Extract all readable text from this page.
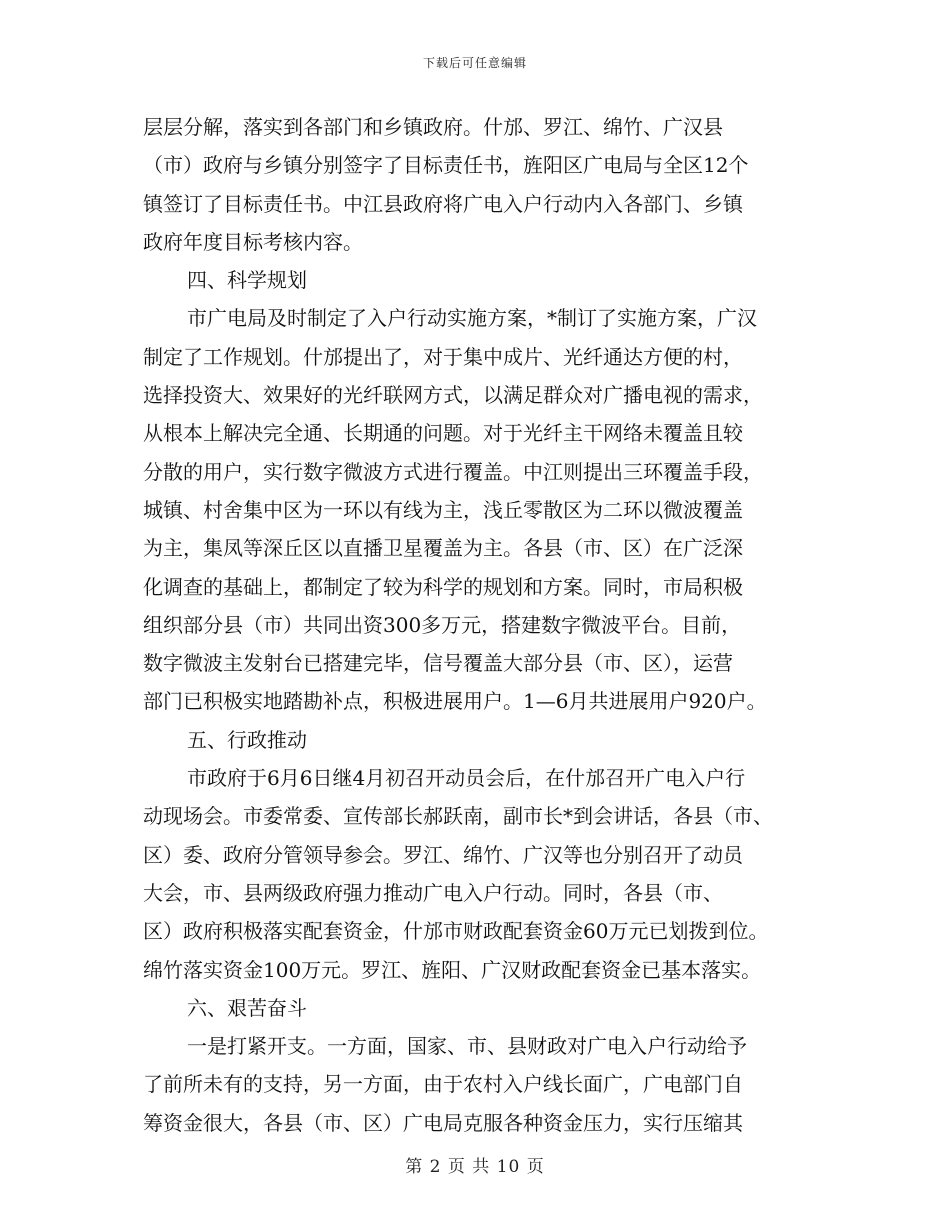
下载后可任意编辑
层层分解，落实到各部门和乡镇政府。什邡、罗江、绵竹、广汉县
（市）政府与乡镇分别签字了目标责任书，旌阳区广电局与全区12个
镇签订了目标责任书。中江县政府将广电入户行动内入各部门、乡镇
政府年度目标考核内容。
四、科学规划
市广电局及时制定了入户行动实施方案，*制订了实施方案，广汉
制定了工作规划。什邡提出了，对于集中成片、光纤通达方便的村，
选择投资大、效果好的光纤联网方式，以满足群众对广播电视的需求，
从根本上解决完全通、长期通的问题。对于光纤主干网络未覆盖且较
分散的用户，实行数字微波方式进行覆盖。中江则提出三环覆盖手段，
城镇、村舍集中区为一环以有线为主，浅丘零散区为二环以微波覆盖
为主，集凤等深丘区以直播卫星覆盖为主。各县（市、区）在广泛深
化调查的基础上，都制定了较为科学的规划和方案。同时，市局积极
组织部分县（市）共同出资300多万元，搭建数字微波平台。目前，
数字微波主发射台已搭建完毕，信号覆盖大部分县（市、区），运营
部门已积极实地踏勘补点，积极进展用户。1—6月共进展用户920户。
五、行政推动
市政府于6月6日继4月初召开动员会后，在什邡召开广电入户行
动现场会。市委常委、宣传部长郝跃南，副市长*到会讲话，各县（市、
区）委、政府分管领导参会。罗江、绵竹、广汉等也分别召开了动员
大会，市、县两级政府强力推动广电入户行动。同时，各县（市、
区）政府积极落实配套资金，什邡市财政配套资金60万元已划拨到位。
绵竹落实资金100万元。罗江、旌阳、广汉财政配套资金已基本落实。
六、艰苦奋斗
一是打紧开支。一方面，国家、市、县财政对广电入户行动给予
了前所未有的支持，另一方面，由于农村入户线长面广，广电部门自
筹资金很大，各县（市、区）广电局克服各种资金压力，实行压缩其
第 2 页 共 10 页
